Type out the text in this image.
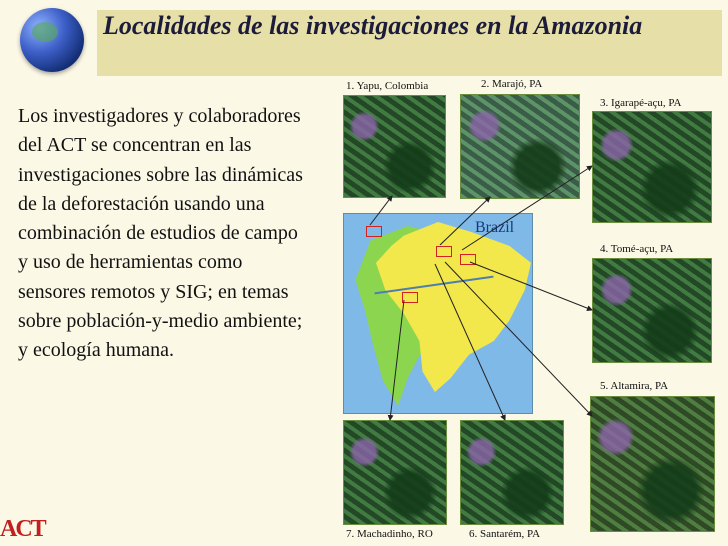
Localidades de las investigaciones en la Amazonia

Los investigadores y colaboradores del ACT se concentran en las investigaciones sobre las dinámicas de la deforestación usando una combinación de estudios de campo y uso de herramientas como sensores remotos y SIG; en temas sobre población-y-medio ambiente; y ecología humana.

1. Yapu, Colombia	2. Marajó, PA
3. Igarapé-açu, PA
4. Tomé-açu, PA
5. Altamira, PA
7. Machadinho, RO	6. Santarém, PA
Brazil
ACT
